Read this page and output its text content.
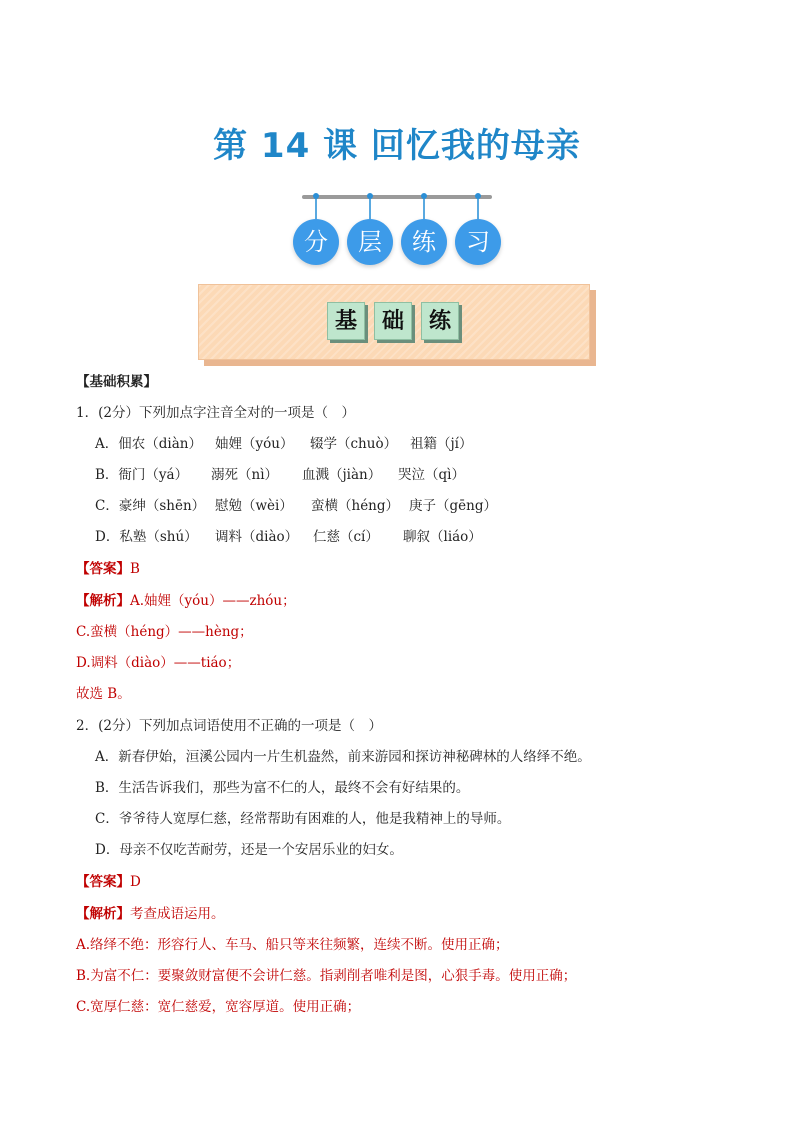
第 14 课 回忆我的母亲
分	层	练	习
基	础	练
【基础积累】
1．(2分）下列加点字注音全对的一项是（　）
A．佃农（diàn） 妯娌（yóu） 辍学（chuò） 祖籍（jí）
B．衙门（yá） 溺死（nì） 血溅（jiàn） 哭泣（qì）
C．豪绅（shēn） 慰勉（wèi） 蛮横（héng） 庚子（gēng）
D．私塾（shú） 调料（diào） 仁慈（cí） 聊叙（liáo）
【答案】B
【解析】A.妯娌（yóu）——zhóu；
C.蛮横（héng）——hèng；
D.调料（diào）——tiáo；
故选 B。
2．(2分）下列加点词语使用不正确的一项是（　）
A．新春伊始，洹溪公园内一片生机盎然，前来游园和探访神秘碑林的人络绎不绝。
B．生活告诉我们，那些为富不仁的人，最终不会有好结果的。
C．爷爷待人宽厚仁慈，经常帮助有困难的人，他是我精神上的导师。
D．母亲不仅吃苦耐劳，还是一个安居乐业的妇女。
【答案】D
【解析】考查成语运用。
A.络绎不绝：形容行人、车马、船只等来往频繁，连续不断。使用正确；
B.为富不仁：要聚敛财富便不会讲仁慈。指剥削者唯利是图，心狠手毒。使用正确；
C.宽厚仁慈：宽仁慈爱，宽容厚道。使用正确；
